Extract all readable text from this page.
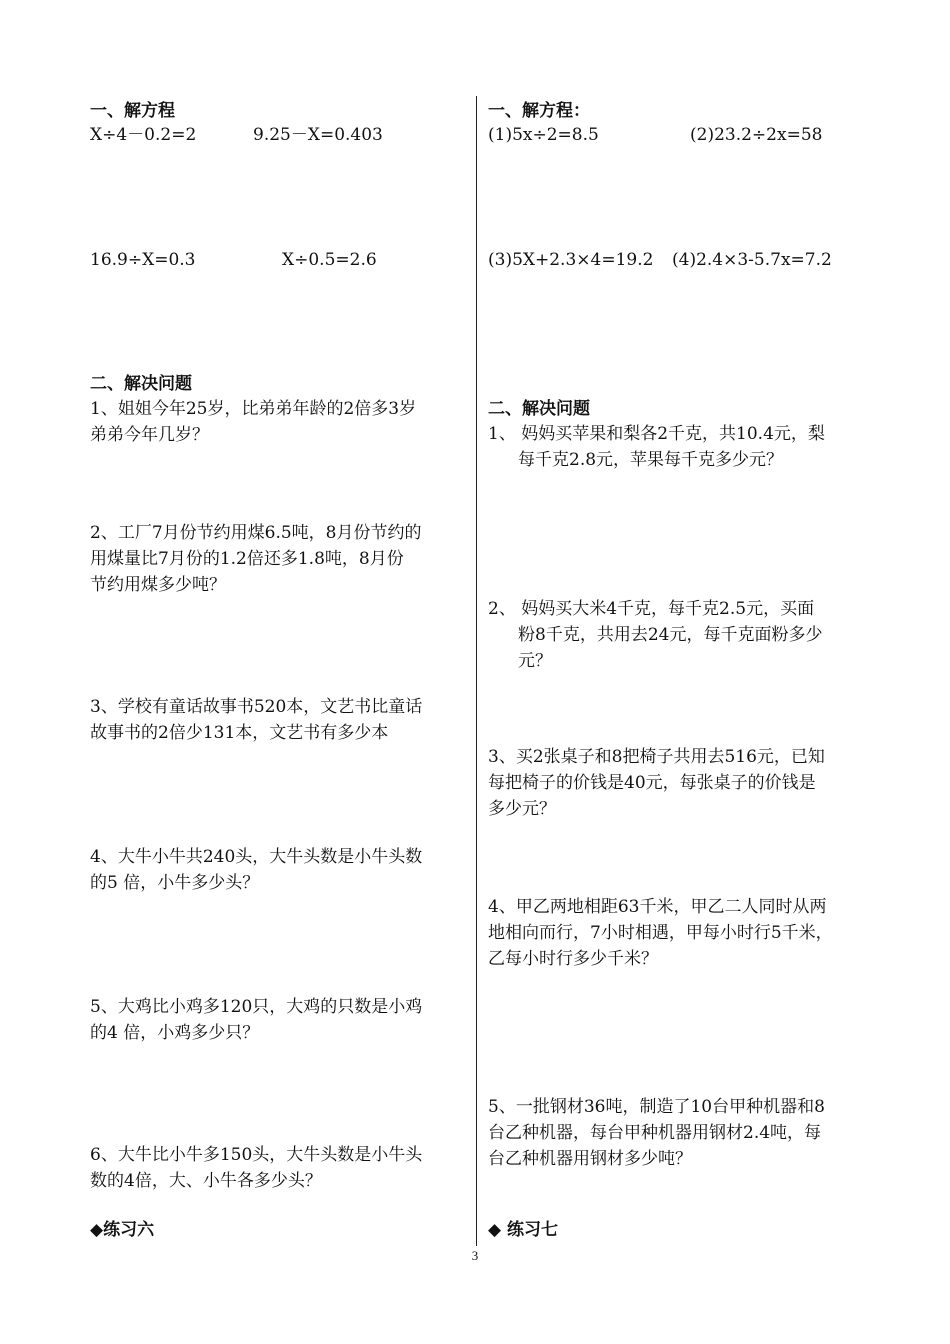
一、解方程
X÷4－0.2=2	9.25－X=0.403
16.9÷X=0.3	X÷0.5=2.6
二、解决问题
1、姐姐今年25岁，比弟弟年龄的2倍多3岁
弟弟今年几岁？
2、工厂7月份节约用煤6.5吨，8月份节约的
用煤量比7月份的1.2倍还多1.8吨，8月份
节约用煤多少吨？
3、学校有童话故事书520本，文艺书比童话
故事书的2倍少131本，文艺书有多少本
4、大牛小牛共240头，大牛头数是小牛头数
的5 倍，小牛多少头？
5、大鸡比小鸡多120只，大鸡的只数是小鸡
的4 倍，小鸡多少只？
6、大牛比小牛多150头，大牛头数是小牛头
数的4倍，大、小牛各多少头？
◆练习六
一、解方程：
(1)5x÷2=8.5	(2)23.2÷2x=58
(3)5X+2.3×4=19.2 (4)2.4×3-5.7x=7.2
二、解决问题
1、 妈妈买苹果和梨各2千克，共10.4元，梨
每千克2.8元，苹果每千克多少元？
2、 妈妈买大米4千克，每千克2.5元，买面
粉8千克，共用去24元，每千克面粉多少
元？
3、买2张桌子和8把椅子共用去516元，已知
每把椅子的价钱是40元，每张桌子的价钱是
多少元？
4、甲乙两地相距63千米，甲乙二人同时从两
地相向而行，7小时相遇，甲每小时行5千米，
乙每小时行多少千米？
5、一批钢材36吨，制造了10台甲种机器和8
台乙种机器，每台甲种机器用钢材2.4吨，每
台乙种机器用钢材多少吨？
◆ 练习七
3
